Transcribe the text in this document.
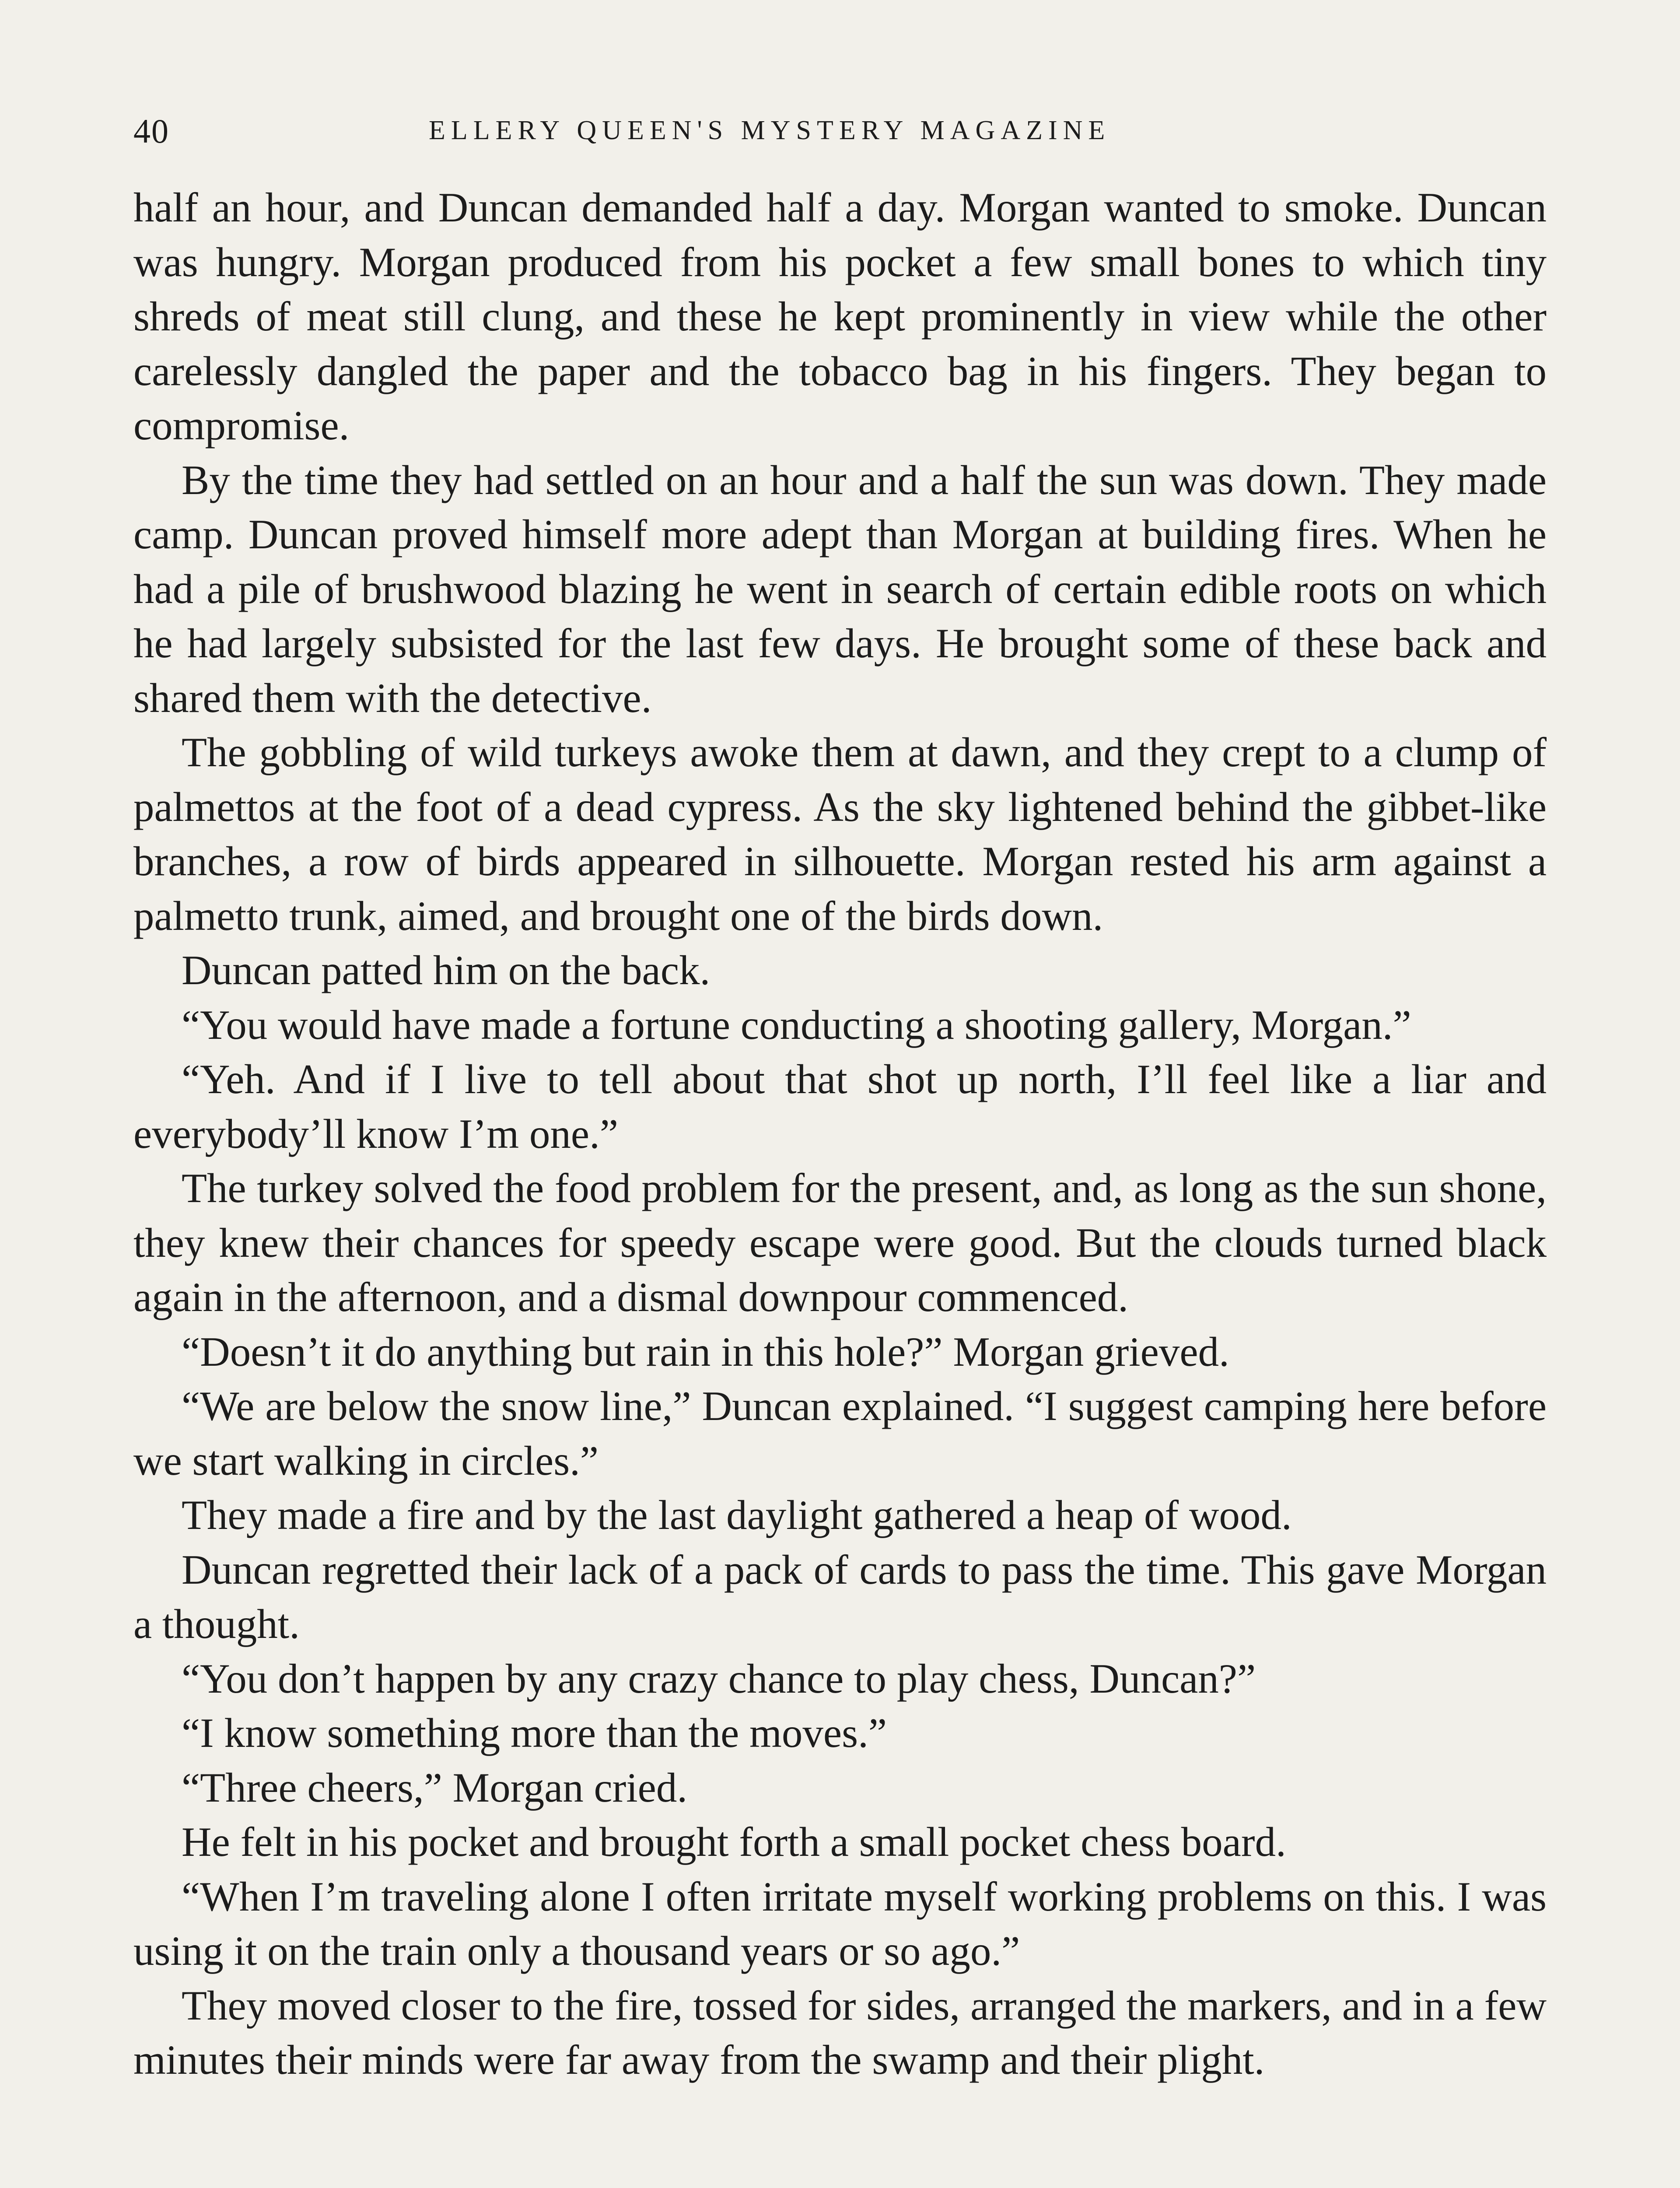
40	ELLERY QUEEN'S MYSTERY MAGAZINE

half an hour, and Duncan demanded half a day. Morgan wanted to smoke. Duncan was hungry. Morgan produced from his pocket a few small bones to which tiny shreds of meat still clung, and these he kept prominently in view while the other carelessly dangled the paper and the tobacco bag in his fingers. They began to compromise.

By the time they had settled on an hour and a half the sun was down. They made camp. Duncan proved himself more adept than Morgan at building fires. When he had a pile of brushwood blazing he went in search of certain edible roots on which he had largely subsisted for the last few days. He brought some of these back and shared them with the detective.

The gobbling of wild turkeys awoke them at dawn, and they crept to a clump of palmettos at the foot of a dead cypress. As the sky lightened behind the gibbet-like branches, a row of birds appeared in silhouette. Morgan rested his arm against a palmetto trunk, aimed, and brought one of the birds down.

Duncan patted him on the back.

“You would have made a fortune conducting a shooting gallery, Morgan.”

“Yeh. And if I live to tell about that shot up north, I’ll feel like a liar and everybody’ll know I’m one.”

The turkey solved the food problem for the present, and, as long as the sun shone, they knew their chances for speedy escape were good. But the clouds turned black again in the afternoon, and a dismal downpour commenced.

“Doesn’t it do anything but rain in this hole?” Morgan grieved.

“We are below the snow line,” Duncan explained. “I suggest camping here before we start walking in circles.”

They made a fire and by the last daylight gathered a heap of wood.

Duncan regretted their lack of a pack of cards to pass the time. This gave Morgan a thought.

“You don’t happen by any crazy chance to play chess, Duncan?”

“I know something more than the moves.”

“Three cheers,” Morgan cried.

He felt in his pocket and brought forth a small pocket chess board.

“When I’m traveling alone I often irritate myself working problems on this. I was using it on the train only a thousand years or so ago.”

They moved closer to the fire, tossed for sides, arranged the markers, and in a few minutes their minds were far away from the swamp and their plight.
